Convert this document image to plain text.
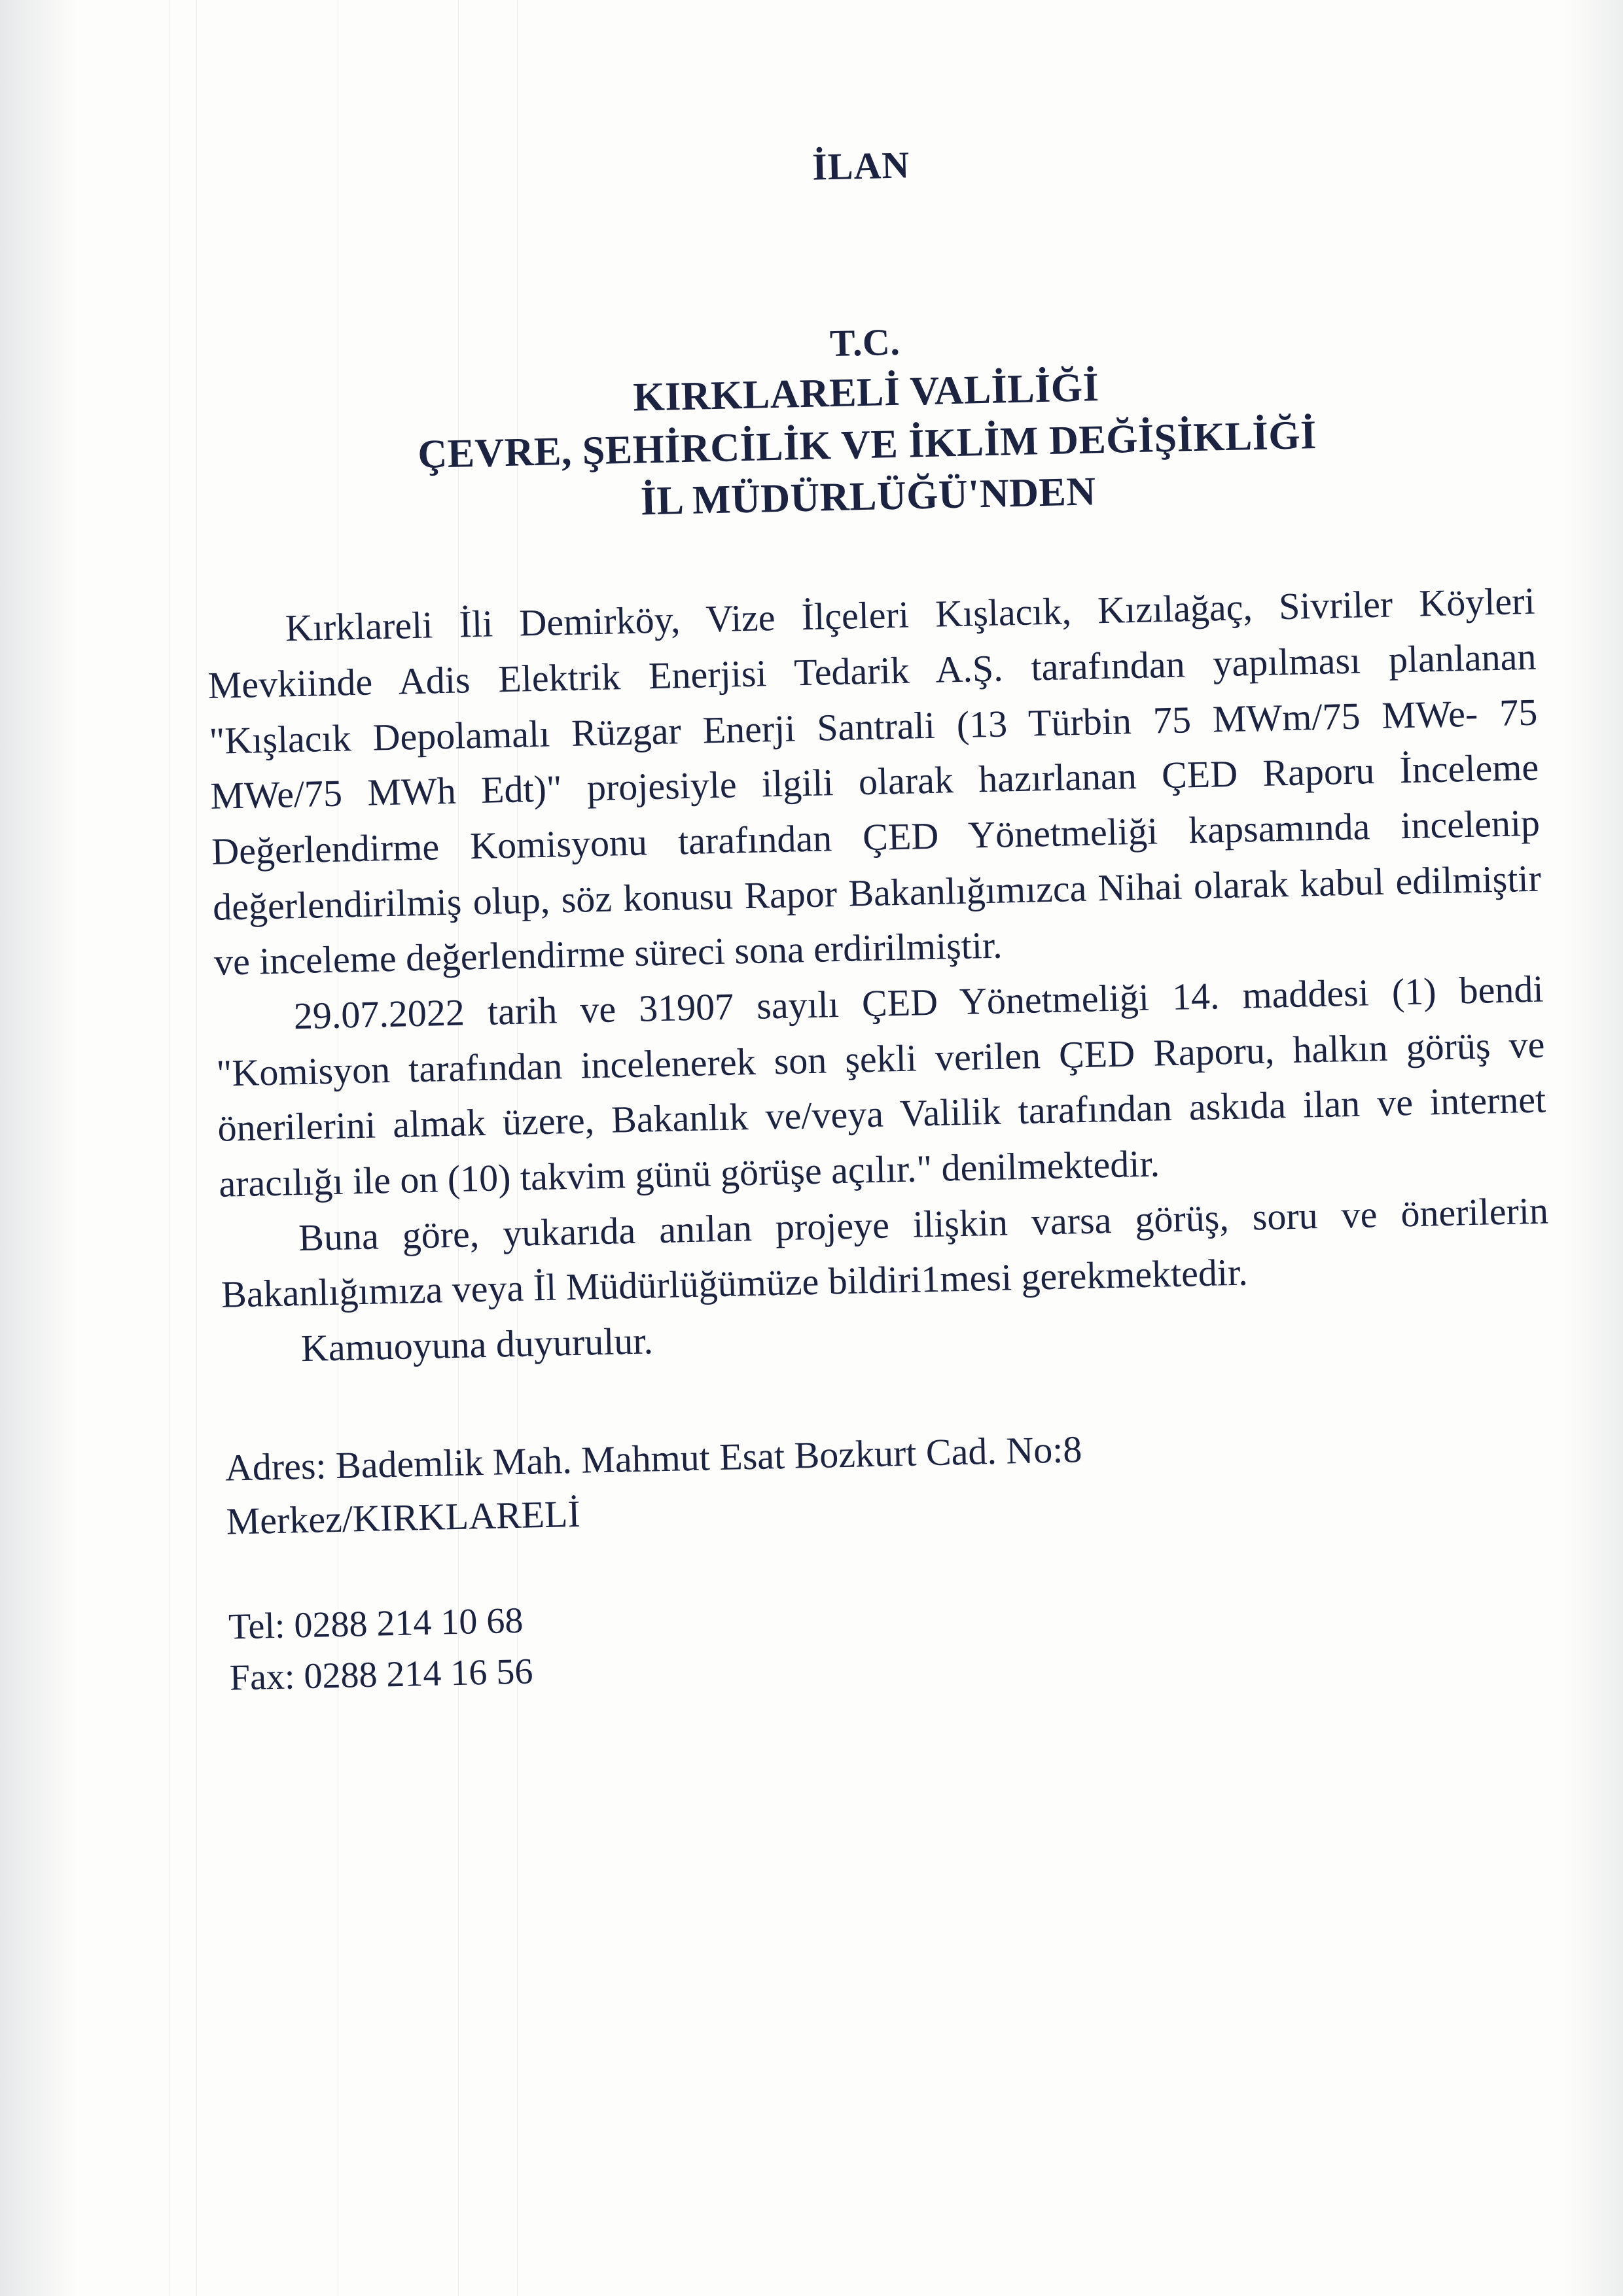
İLAN
T.C.
KIRKLARELİ VALİLİĞİ
ÇEVRE, ŞEHİRCİLİK VE İKLİM DEĞİŞİKLİĞİ
İL MÜDÜRLÜĞÜ'NDEN

Kırklareli İli Demirköy, Vize İlçeleri Kışlacık, Kızılağaç, Sivriler Köyleri Mevkiinde Adis Elektrik Enerjisi Tedarik A.Ş. tarafından yapılması planlanan "Kışlacık Depolamalı Rüzgar Enerji Santrali (13 Türbin 75 MWm/75 MWe- 75 MWe/75 MWh Edt)" projesiyle ilgili olarak hazırlanan ÇED Raporu İnceleme Değerlendirme Komisyonu tarafından ÇED Yönetmeliği kapsamında incelenip değerlendirilmiş olup, söz konusu Rapor Bakanlığımızca Nihai olarak kabul edilmiştir ve inceleme değerlendirme süreci sona erdirilmiştir.

29.07.2022 tarih ve 31907 sayılı ÇED Yönetmeliği 14. maddesi (1) bendi "Komisyon tarafından incelenerek son şekli verilen ÇED Raporu, halkın görüş ve önerilerini almak üzere, Bakanlık ve/veya Valilik tarafından askıda ilan ve internet aracılığı ile on (10) takvim günü görüşe açılır." denilmektedir.

Buna göre, yukarıda anılan projeye ilişkin varsa görüş, soru ve önerilerin Bakanlığımıza veya İl Müdürlüğümüze bildiri1mesi gerekmektedir.

Kamuoyuna duyurulur.

Adres: Bademlik Mah. Mahmut Esat Bozkurt Cad. No:8

Merkez/KIRKLARELİ

Tel: 0288 214 10 68

Fax: 0288 214 16 56
